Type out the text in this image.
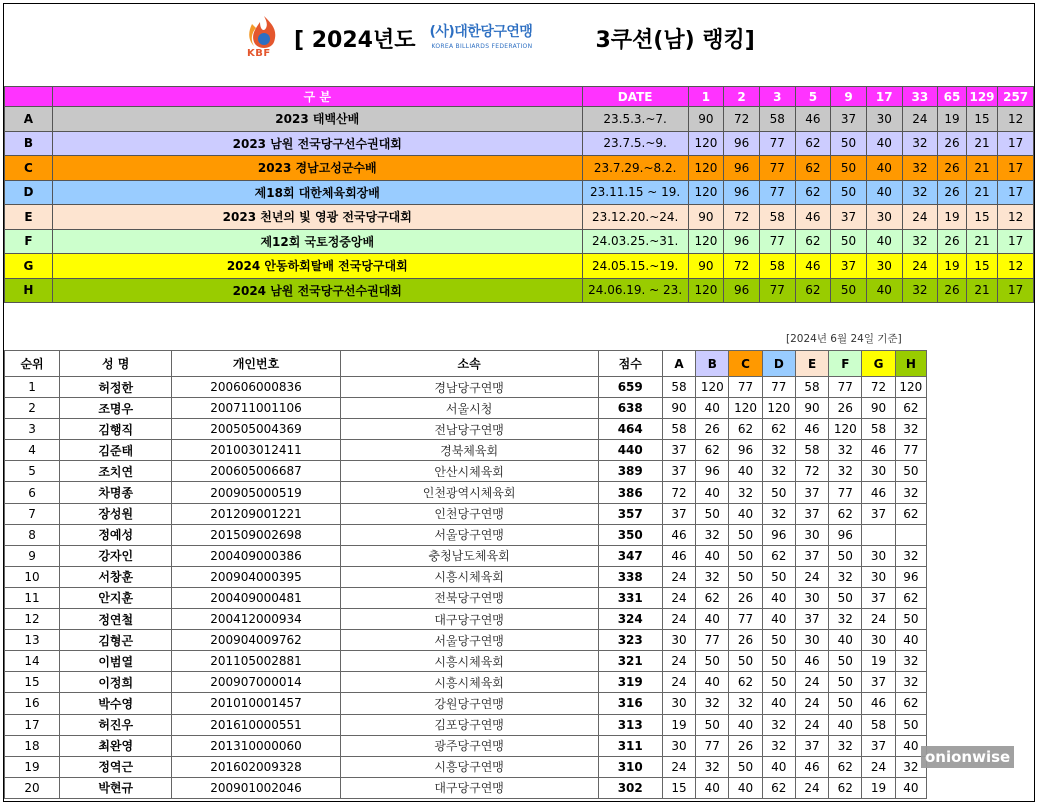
KBF
[ 2024년도 (사)대한당구연맹
KOREA BILLIARDS FEDERATION	3쿠션(남) 랭킹]
	구 분	DATE	1	2	3	5	9	17	33	65	129	257
A	2023 태백산배	23.5.3.~7.	90	72	58	46	37	30	24	19	15	12
B	2023 남원 전국당구선수권대회	23.7.5.~9.	120	96	77	62	50	40	32	26	21	17
C	2023 경남고성군수배	23.7.29.~8.2.	120	96	77	62	50	40	32	26	21	17
D	제18회 대한체육회장배	23.11.15 ~ 19.	120	96	77	62	50	40	32	26	21	17
E	2023 천년의 빛 영광 전국당구대회	23.12.20.~24.	90	72	58	46	37	30	24	19	15	12
F	제12회 국토정중앙배	24.03.25.~31.	120	96	77	62	50	40	32	26	21	17
G	2024 안동하회탈배 전국당구대회	24.05.15.~19.	90	72	58	46	37	30	24	19	15	12
H	2024 남원 전국당구선수권대회	24.06.19. ~ 23.	120	96	77	62	50	40	32	26	21	17
[2024년 6월 24일 기준]
순위	성 명	개인번호	소속	점수	A	B	C	D	E	F	G	H
1	허정한	200606000836	경남당구연맹	659	58	120	77	77	58	77	72	120
2	조명우	200711001106	서울시청	638	90	40	120	120	90	26	90	62
3	김행직	200505004369	전남당구연맹	464	58	26	62	62	46	120	58	32
4	김준태	201003012411	경북체육회	440	37	62	96	32	58	32	46	77
5	조치연	200605006687	안산시체육회	389	37	96	40	32	72	32	30	50
6	차명종	200905000519	인천광역시체육회	386	72	40	32	50	37	77	46	32
7	장성원	201209001221	인천당구연맹	357	37	50	40	32	37	62	37	62
8	정예성	201509002698	서울당구연맹	350	46	32	50	96	30	96		
9	강자인	200409000386	충청남도체육회	347	46	40	50	62	37	50	30	32
10	서창훈	200904000395	시흥시체육회	338	24	32	50	50	24	32	30	96
11	안지훈	200409000481	전북당구연맹	331	24	62	26	40	30	50	37	62
12	정연철	200412000934	대구당구연맹	324	24	40	77	40	37	32	24	50
13	김형곤	200904009762	서울당구연맹	323	30	77	26	50	30	40	30	40
14	이범열	201105002881	시흥시체육회	321	24	50	50	50	46	50	19	32
15	이정희	200907000014	시흥시체육회	319	24	40	62	50	24	50	37	32
16	박수영	201010001457	강원당구연맹	316	30	32	32	40	24	50	46	62
17	허진우	201610000551	김포당구연맹	313	19	50	40	32	24	40	58	50
18	최완영	201310000060	광주당구연맹	311	30	77	26	32	37	32	37	40
19	정역근	201602009328	시흥당구연맹	310	24	32	50	40	46	62	24	32
20	박현규	200901002046	대구당구연맹	302	15	40	40	62	24	62	19	40
onionwise
